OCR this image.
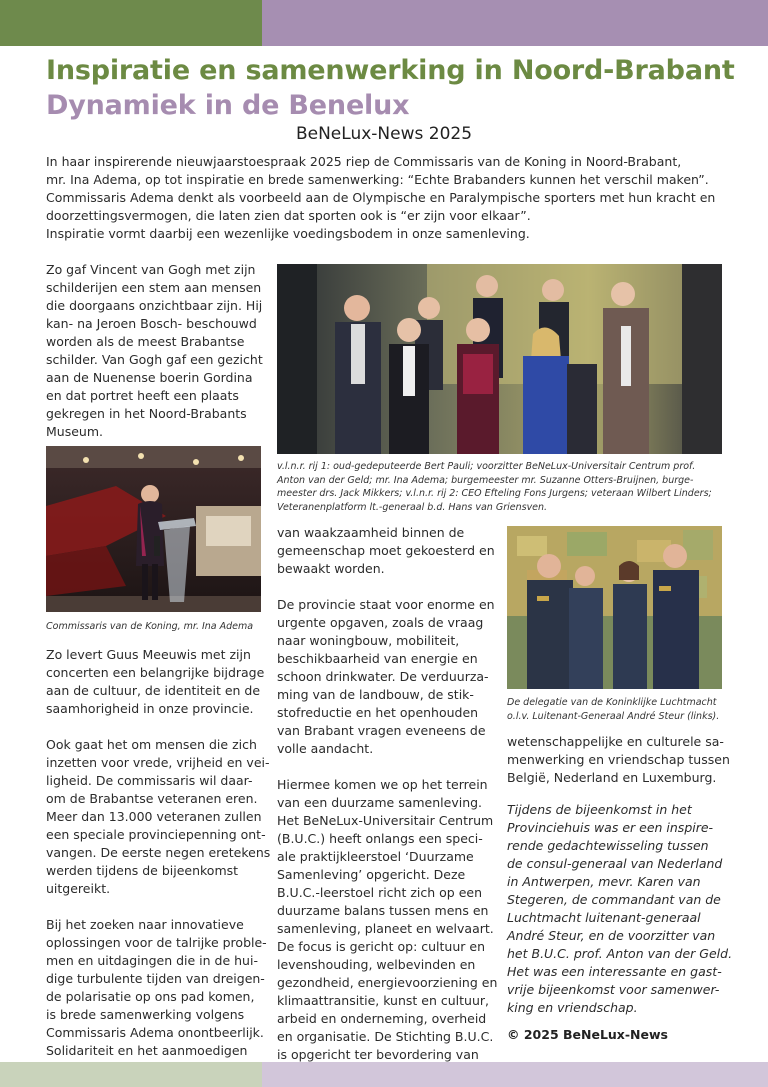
Inspiratie en samenwerking in Noord-Brabant
Dynamiek in de Benelux
BeNeLux-News 2025

In haar inspirerende nieuwjaarstoespraak 2025 riep de Commissaris van de Koning in Noord-Brabant,

mr. Ina Adema, op tot inspiratie en brede samenwerking: “Echte Brabanders kunnen het verschil maken”.

Commissaris Adema denkt als voorbeeld aan de Olympische en Paralympische sporters met hun kracht en

doorzettingsvermogen, die laten zien dat sporten ook is “er zijn voor elkaar”.

Inspiratie vormt daarbij een wezenlijke voedingsbodem in onze samenleving.

Zo gaf Vincent van Gogh met zijn

schilderijen een stem aan mensen

die doorgaans onzichtbaar zijn. Hij

kan- na Jeroen Bosch- beschouwd

worden als de meest Brabantse

schilder. Van Gogh gaf een gezicht

aan de Nuenense boerin Gordina

en dat portret heeft een plaats

gekregen in het Noord-Brabants

Museum.

Commissaris van de Koning, mr. Ina Adema

Zo levert Guus Meeuwis met zijn

concerten een belangrijke bijdrage

aan de cultuur, de identiteit en de

saamhorigheid in onze provincie.

Ook gaat het om mensen die zich

inzetten voor vrede, vrijheid en vei-

ligheid. De commissaris wil daar-

om de Brabantse veteranen eren.

Meer dan 13.000 veteranen zullen

een speciale provinciepenning ont-

vangen. De eerste negen eretekens

werden tijdens de bijeenkomst

uitgereikt.

Bij het zoeken naar innovatieve

oplossingen voor de talrijke proble-

men en uitdagingen die in de hui-

dige turbulente tijden van dreigen-

de polarisatie op ons pad komen,

is brede samenwerking volgens

Commissaris Adema onontbeerlijk.

Solidariteit en het aanmoedigen

v.l.n.r. rij 1: oud-gedeputeerde Bert Pauli; voorzitter BeNeLux-Universitair Centrum prof.

Anton van der Geld; mr. Ina Adema; burgemeester mr. Suzanne Otters-Bruijnen, burge-

meester drs. Jack Mikkers; v.l.n.r. rij 2: CEO Efteling Fons Jurgens; veteraan Wilbert Linders;

Veteranenplatform lt.-generaal b.d. Hans van Griensven.

van waakzaamheid binnen de

gemeenschap moet gekoesterd en

bewaakt worden.

De provincie staat voor enorme en

urgente opgaven, zoals de vraag

naar woningbouw, mobiliteit,

beschikbaarheid van energie en

schoon drinkwater. De verduurza-

ming van de landbouw, de stik-

stofreductie en het openhouden

van Brabant vragen eveneens de

volle aandacht.

Hiermee komen we op het terrein

van een duurzame samenleving.

Het BeNeLux-Universitair Centrum

(B.U.C.) heeft onlangs een speci-

ale praktijkleerstoel ‘Duurzame

Samenleving’ opgericht. Deze

B.U.C.-leerstoel richt zich op een

duurzame balans tussen mens en

samenleving, planeet en welvaart.

De focus is gericht op: cultuur en

levenshouding, welbevinden en

gezondheid, energievoorziening en

klimaattransitie, kunst en cultuur,

arbeid en onderneming, overheid

en organisatie. De Stichting B.U.C.

is opgericht ter bevordering van

De delegatie van de Koninklijke Luchtmacht

o.l.v. Luitenant-Generaal André Steur (links).

wetenschappelijke en culturele sa-

menwerking en vriendschap tussen

België, Nederland en Luxemburg.

Tijdens de bijeenkomst in het

Provinciehuis was er een inspire-

rende gedachtewisseling tussen

de consul-generaal van Nederland

in Antwerpen, mevr. Karen van

Stegeren, de commandant van de

Luchtmacht luitenant-generaal

André Steur, en de voorzitter van

het B.U.C. prof. Anton van der Geld.

Het was een interessante en gast-

vrije bijeenkomst voor samenwer-

king en vriendschap.

© 2025 BeNeLux-News
